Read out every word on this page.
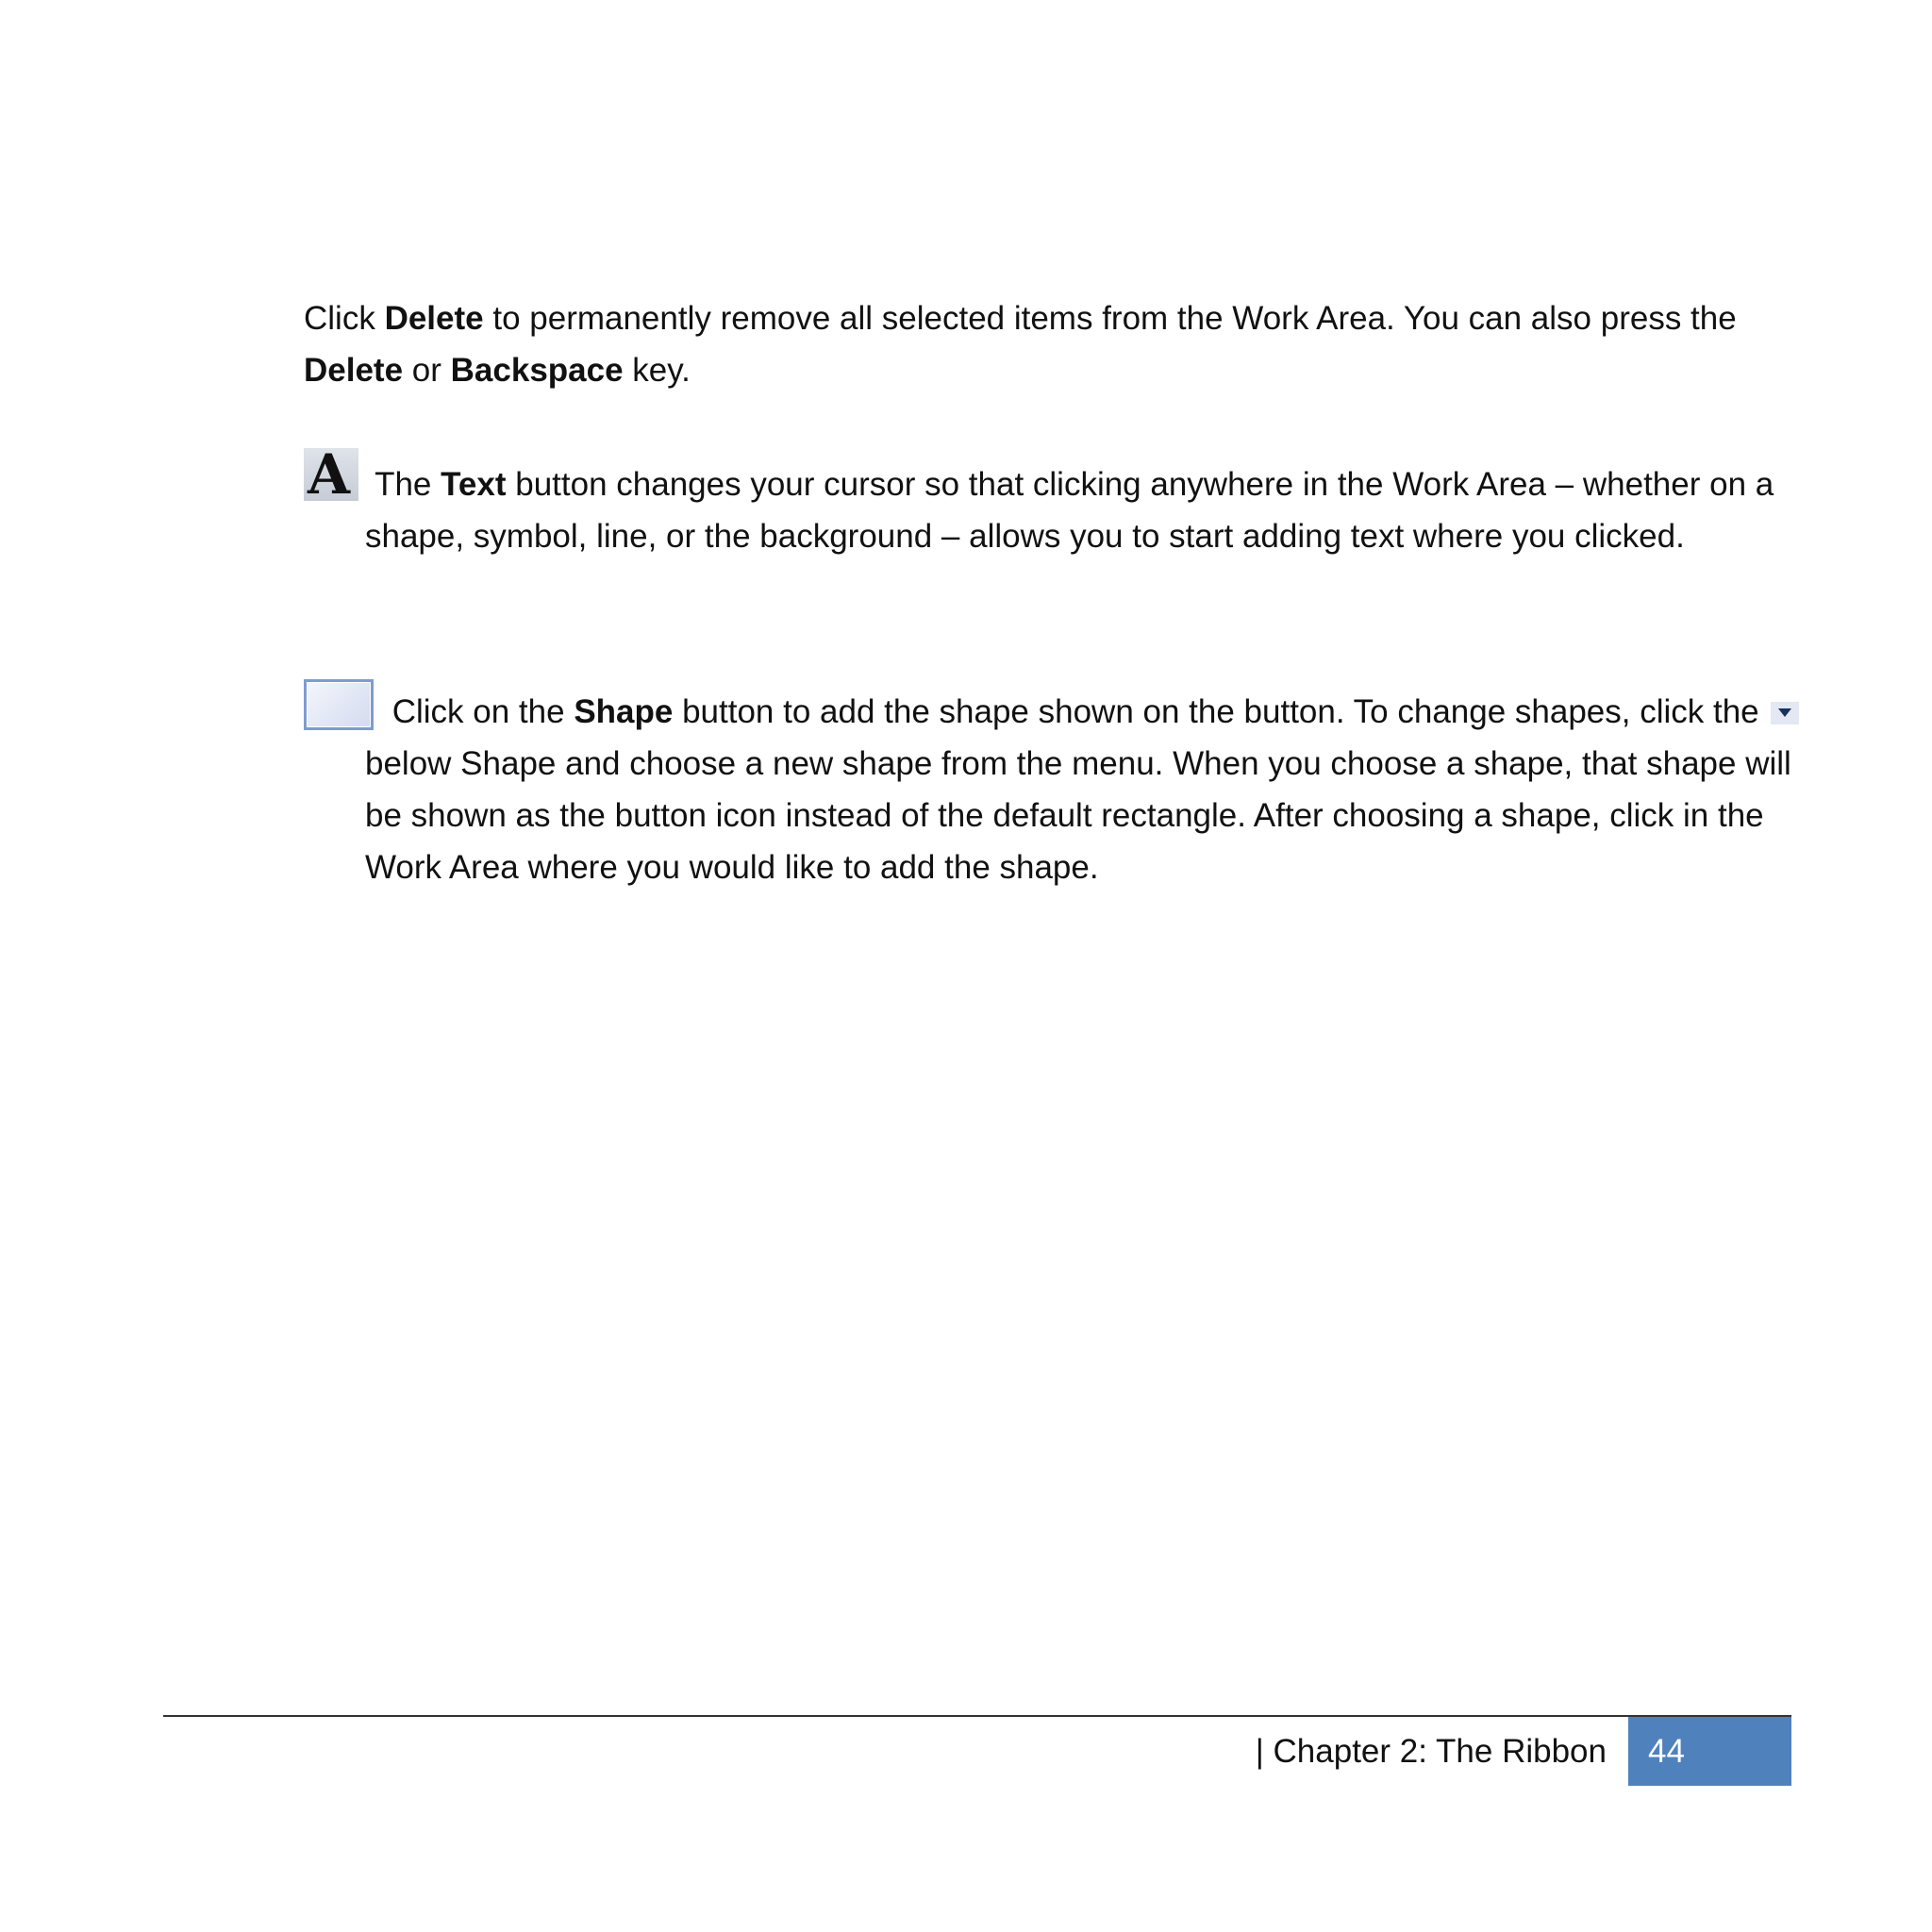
Click Delete to permanently remove all selected items from the Work Area. You can also press the Delete or Backspace key.

A The Text button changes your cursor so that clicking anywhere in the Work Area – whether on a shape, symbol, line, or the background – allows you to start adding text where you clicked.

Click on the Shape button to add the shape shown on the button. To change shapes, click thebelow Shape and choose a new shape from the menu. When you choose a shape, that shape will be shown as the button icon instead of the default rectangle. After choosing a shape, click in the Work Area where you would like to add the shape.

| Chapter 2: The Ribbon	44
